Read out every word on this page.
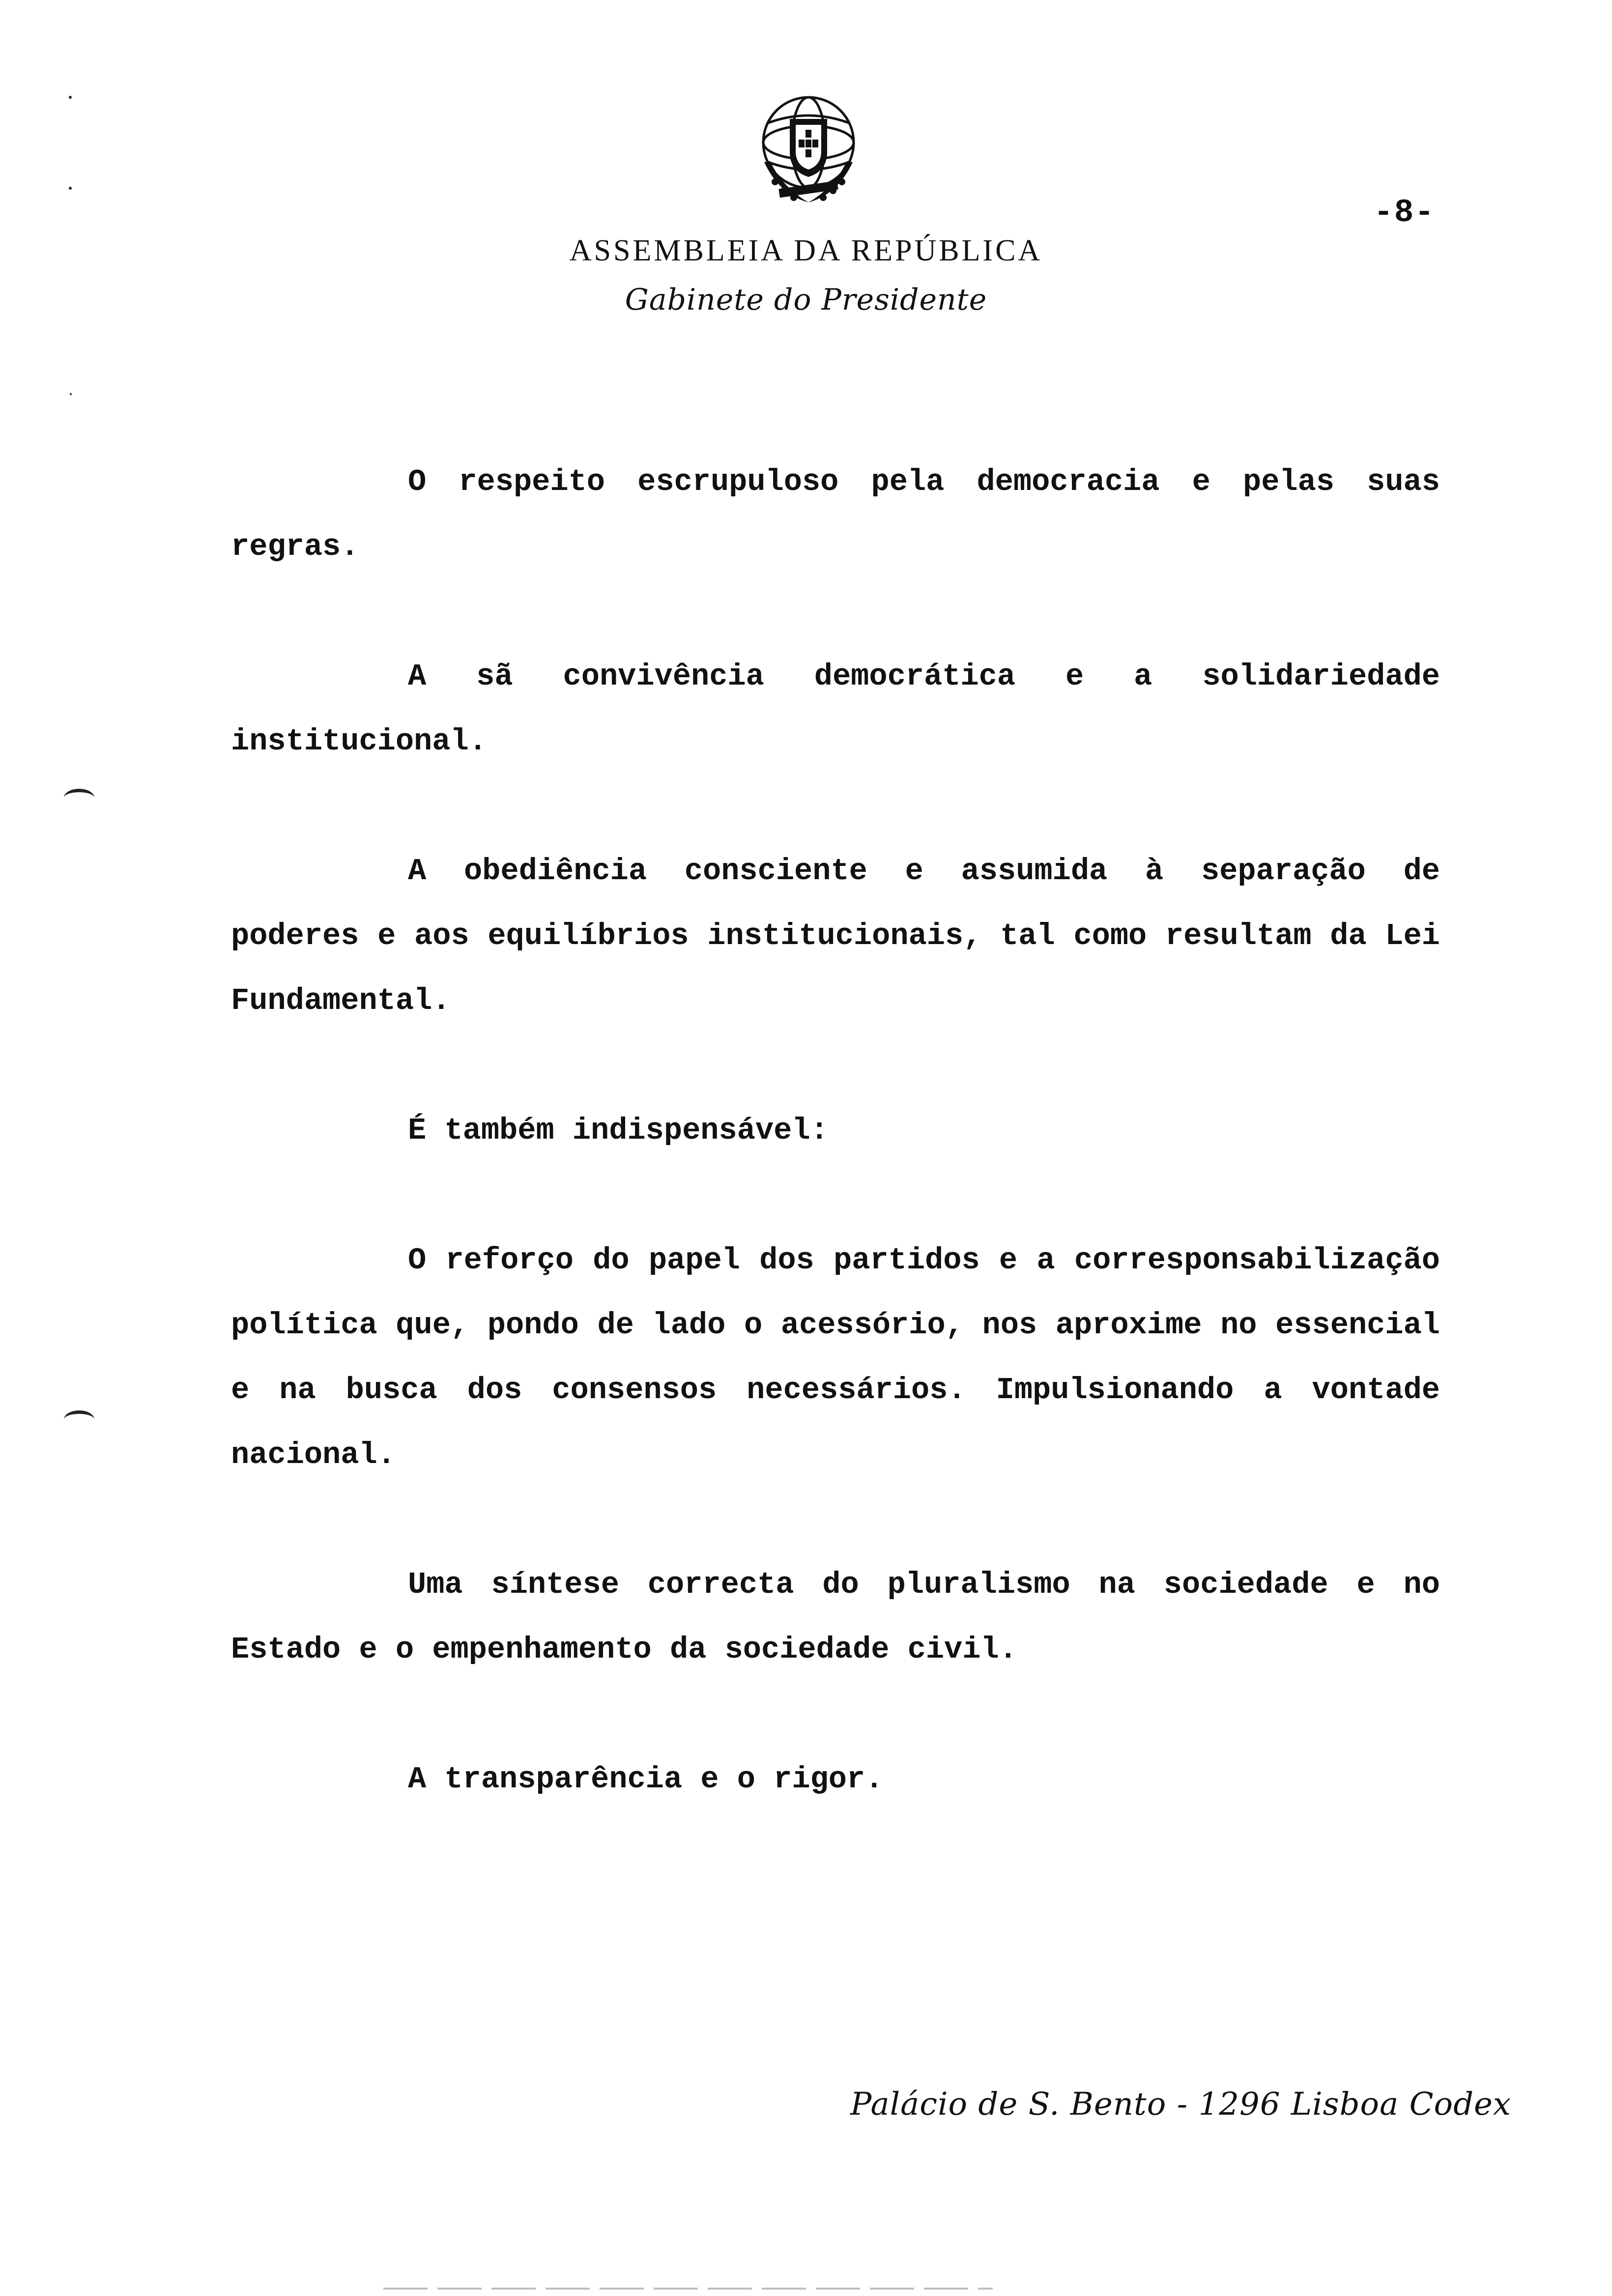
-8-
ASSEMBLEIA DA REPÚBLICA
Gabinete do Presidente

O respeito escrupuloso pela democracia e pelas suas regras.

A sã convivência democrática e a solidariedade institucional.

A obediência consciente e assumida à separação de poderes e aos equilíbrios institucionais, tal como resultam da Lei Fundamental.

É também indispensável:

O reforço do papel dos partidos e a corresponsabilização política que, pondo de lado o acessório, nos aproxime no essencial e na busca dos consensos necessários. Impulsionando a vontade nacional.

Uma síntese correcta do pluralismo na sociedade e no Estado e o empenhamento da sociedade civil.

A transparência e o rigor.

Palácio de S. Bento - 1296 Lisboa Codex
